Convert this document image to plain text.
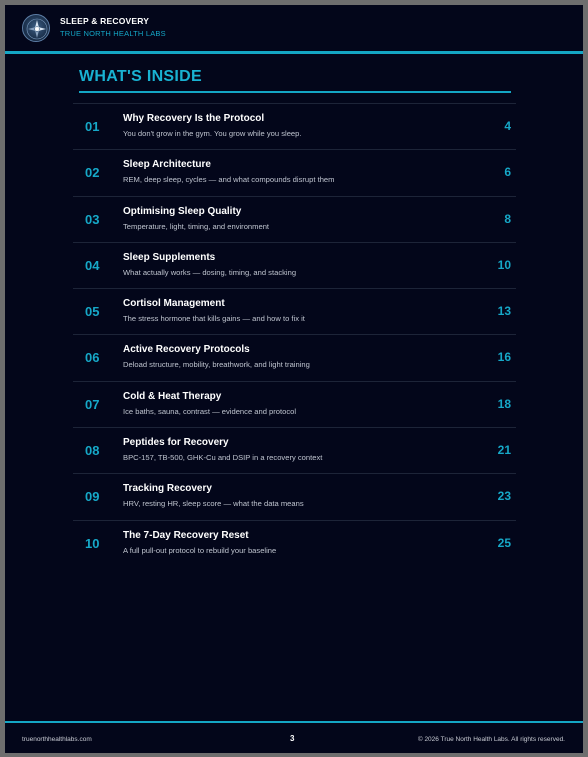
SLEEP & RECOVERY
TRUE NORTH HEALTH LABS
WHAT'S INSIDE
01
Why Recovery Is the Protocol
You don't grow in the gym. You grow while you sleep.
4
02
Sleep Architecture
REM, deep sleep, cycles — and what compounds disrupt them
6
03
Optimising Sleep Quality
Temperature, light, timing, and environment
8
04
Sleep Supplements
What actually works — dosing, timing, and stacking
10
05
Cortisol Management
The stress hormone that kills gains — and how to fix it
13
06
Active Recovery Protocols
Deload structure, mobility, breathwork, and light training
16
07
Cold & Heat Therapy
Ice baths, sauna, contrast — evidence and protocol
18
08
Peptides for Recovery
BPC-157, TB-500, GHK-Cu and DSIP in a recovery context
21
09
Tracking Recovery
HRV, resting HR, sleep score — what the data means
23
10
The 7-Day Recovery Reset
A full pull-out protocol to rebuild your baseline
25
truenorthhealthlabs.com	3	© 2026 True North Health Labs. All rights reserved.
